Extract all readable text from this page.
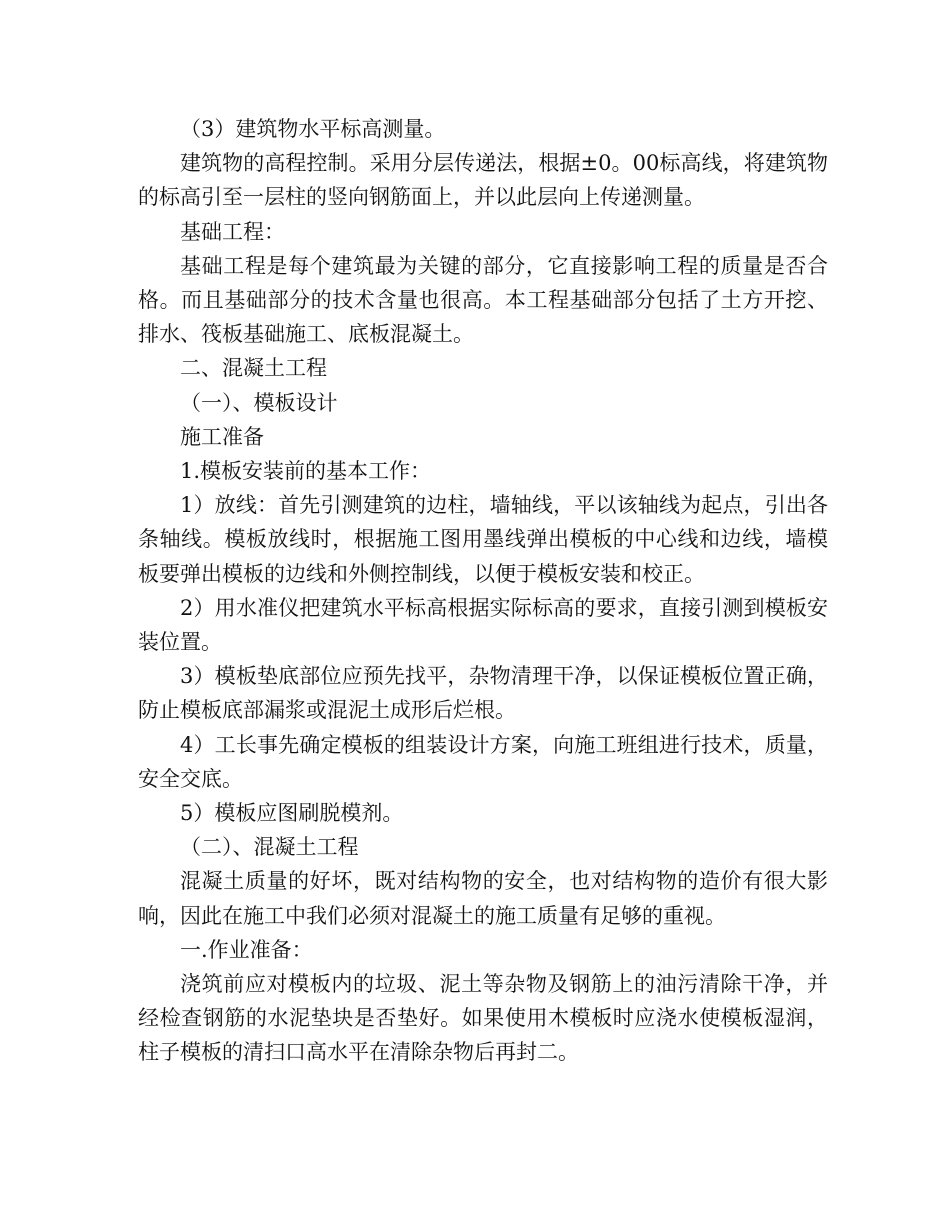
（3）建筑物水平标高测量。

建筑物的高程控制。采用分层传递法，根据±0。00标高线，将建筑物的标高引至一层柱的竖向钢筋面上，并以此层向上传递测量。

基础工程：

基础工程是每个建筑最为关键的部分，它直接影响工程的质量是否合格。而且基础部分的技术含量也很高。本工程基础部分包括了土方开挖、排水、筏板基础施工、底板混凝土。

二、混凝土工程

（一）、模板设计

施工准备

1.模板安装前的基本工作：

1）放线：首先引测建筑的边柱，墙轴线，平以该轴线为起点，引出各条轴线。模板放线时，根据施工图用墨线弹出模板的中心线和边线，墙模板要弹出模板的边线和外侧控制线，以便于模板安装和校正。

2）用水准仪把建筑水平标高根据实际标高的要求，直接引测到模板安装位置。

3）模板垫底部位应预先找平，杂物清理干净，以保证模板位置正确，防止模板底部漏浆或混泥土成形后烂根。

4）工长事先确定模板的组装设计方案，向施工班组进行技术，质量，安全交底。

5）模板应图刷脱模剂。

（二）、混凝土工程

混凝土质量的好坏，既对结构物的安全，也对结构物的造价有很大影响，因此在施工中我们必须对混凝土的施工质量有足够的重视。

一.作业准备：

浇筑前应对模板内的垃圾、泥土等杂物及钢筋上的油污清除干净，并经检查钢筋的水泥垫块是否垫好。如果使用木模板时应浇水使模板湿润，柱子模板的清扫口高水平在清除杂物后再封二。
